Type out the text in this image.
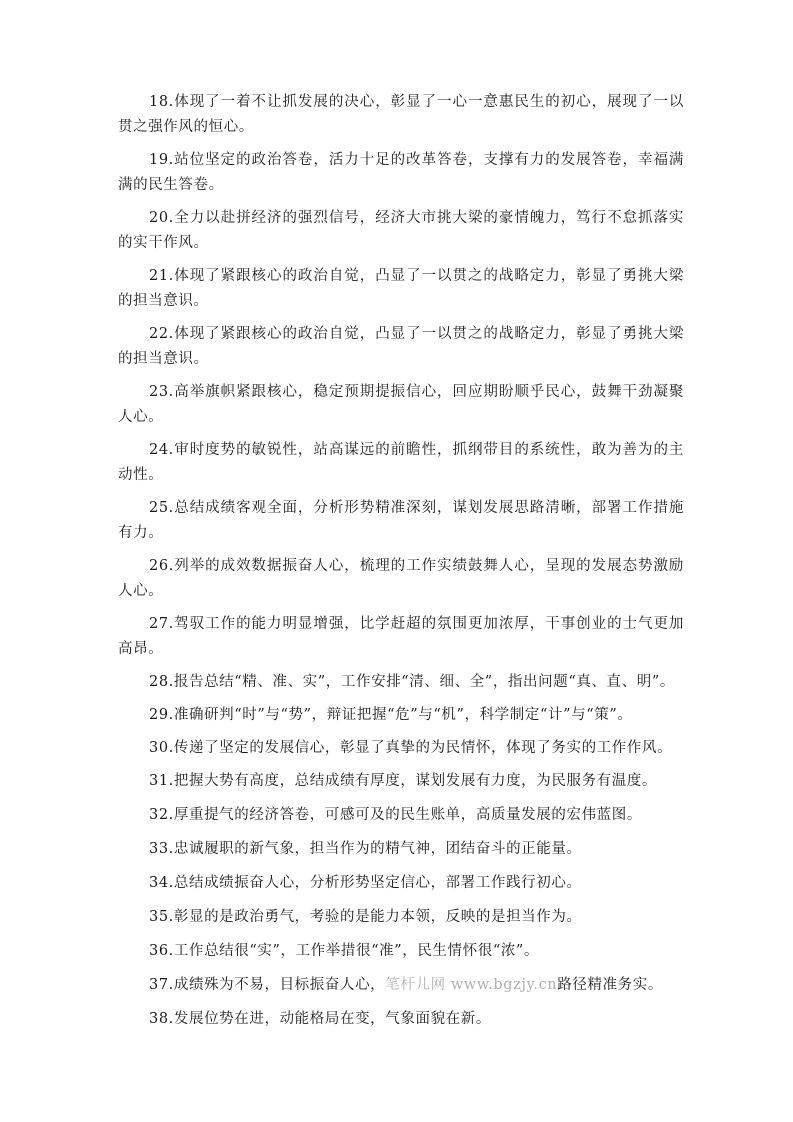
18.体现了一着不让抓发展的决心，彰显了一心一意惠民生的初心，展现了一以贯之强作风的恒心。

19.站位坚定的政治答卷，活力十足的改革答卷，支撑有力的发展答卷，幸福满满的民生答卷。

20.全力以赴拼经济的强烈信号，经济大市挑大梁的豪情魄力，笃行不怠抓落实的实干作风。

21.体现了紧跟核心的政治自觉，凸显了一以贯之的战略定力，彰显了勇挑大梁的担当意识。

22.体现了紧跟核心的政治自觉，凸显了一以贯之的战略定力，彰显了勇挑大梁的担当意识。

23.高举旗帜紧跟核心，稳定预期提振信心，回应期盼顺乎民心，鼓舞干劲凝聚人心。

24.审时度势的敏锐性，站高谋远的前瞻性，抓纲带目的系统性，敢为善为的主动性。

25.总结成绩客观全面，分析形势精准深刻，谋划发展思路清晰，部署工作措施有力。

26.列举的成效数据振奋人心，梳理的工作实绩鼓舞人心，呈现的发展态势激励人心。

27.驾驭工作的能力明显增强，比学赶超的氛围更加浓厚，干事创业的士气更加高昂。

28.报告总结“精、准、实”，工作安排“清、细、全”，指出问题“真、直、明”。

29.准确研判“时”与“势”，辩证把握“危”与“机”，科学制定“计”与“策”。

30.传递了坚定的发展信心，彰显了真挚的为民情怀，体现了务实的工作作风。

31.把握大势有高度，总结成绩有厚度，谋划发展有力度，为民服务有温度。

32.厚重提气的经济答卷，可感可及的民生账单，高质量发展的宏伟蓝图。

33.忠诚履职的新气象，担当作为的精气神，团结奋斗的正能量。

34.总结成绩振奋人心，分析形势坚定信心，部署工作践行初心。

35.彰显的是政治勇气，考验的是能力本领，反映的是担当作为。

36.工作总结很“实”，工作举措很“准”，民生情怀很“浓”。

37.成绩殊为不易，目标振奋人心，笔杆儿网 www.bgzjy.cn路径精准务实。

38.发展位势在进，动能格局在变，气象面貌在新。
